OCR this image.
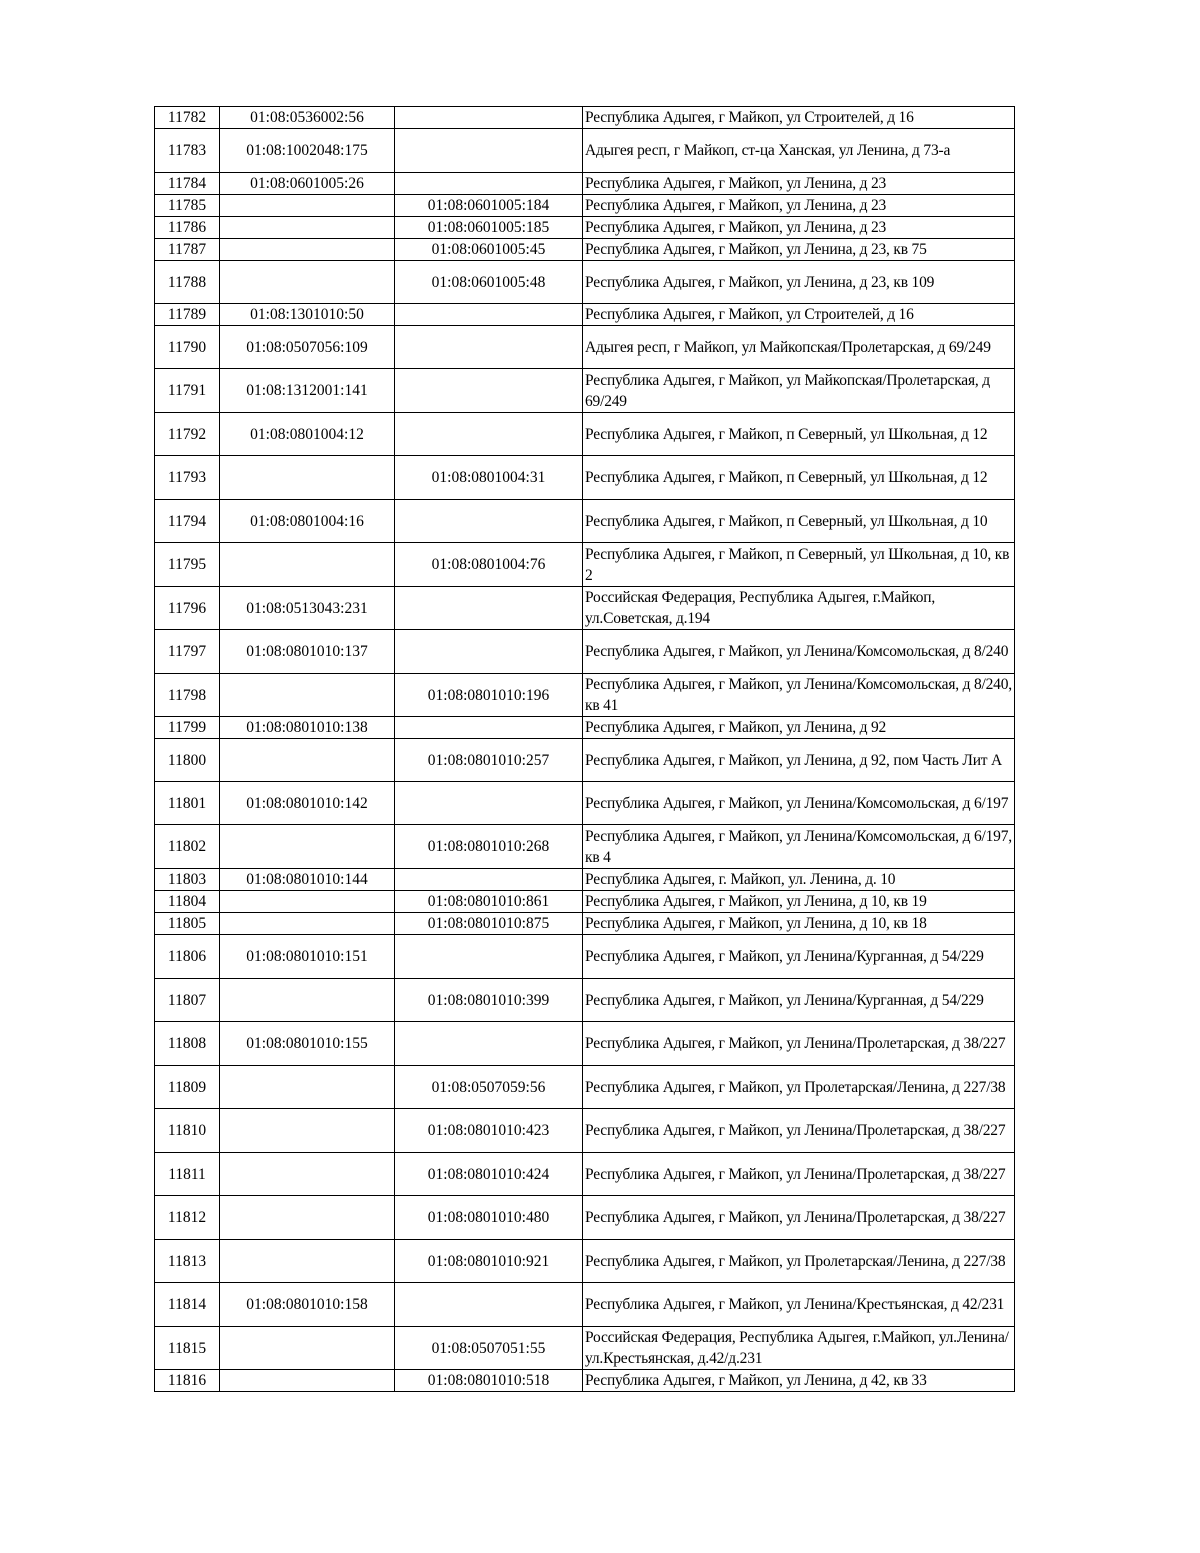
11782	01:08:0536002:56		Республика Адыгея, г Майкоп, ул Строителей, д 16
11783	01:08:1002048:175		Адыгея респ, г Майкоп, ст-ца Ханская, ул Ленина, д 73-а
11784	01:08:0601005:26		Республика Адыгея, г Майкоп, ул Ленина, д 23
11785		01:08:0601005:184	Республика Адыгея, г Майкоп, ул Ленина, д 23
11786		01:08:0601005:185	Республика Адыгея, г Майкоп, ул Ленина, д 23
11787		01:08:0601005:45	Республика Адыгея, г Майкоп, ул Ленина, д 23, кв 75
11788		01:08:0601005:48	Республика Адыгея, г Майкоп, ул Ленина, д 23, кв 109
11789	01:08:1301010:50		Республика Адыгея, г Майкоп, ул Строителей, д 16
11790	01:08:0507056:109		Адыгея респ, г Майкоп, ул Майкопская/Пролетарская, д 69/249
11791	01:08:1312001:141		Республика Адыгея, г Майкоп, ул Майкопская/Пролетарская, д 69/249
11792	01:08:0801004:12		Республика Адыгея, г Майкоп, п Северный, ул Школьная, д 12
11793		01:08:0801004:31	Республика Адыгея, г Майкоп, п Северный, ул Школьная, д 12
11794	01:08:0801004:16		Республика Адыгея, г Майкоп, п Северный, ул Школьная, д 10
11795		01:08:0801004:76	Республика Адыгея, г Майкоп, п Северный, ул Школьная, д 10, кв 2
11796	01:08:0513043:231		Российская Федерация, Республика Адыгея, г.Майкоп, ул.Советская, д.194
11797	01:08:0801010:137		Республика Адыгея, г Майкоп, ул Ленина/Комсомольская, д 8/240
11798		01:08:0801010:196	Республика Адыгея, г Майкоп, ул Ленина/Комсомольская, д 8/240, кв 41
11799	01:08:0801010:138		Республика Адыгея, г Майкоп, ул Ленина, д 92
11800		01:08:0801010:257	Республика Адыгея, г Майкоп, ул Ленина, д 92, пом Часть Лит А
11801	01:08:0801010:142		Республика Адыгея, г Майкоп, ул Ленина/Комсомольская, д 6/197
11802		01:08:0801010:268	Республика Адыгея, г Майкоп, ул Ленина/Комсомольская, д 6/197, кв 4
11803	01:08:0801010:144		Республика Адыгея, г. Майкоп, ул. Ленина, д. 10
11804		01:08:0801010:861	Республика Адыгея, г Майкоп, ул Ленина, д 10, кв 19
11805		01:08:0801010:875	Республика Адыгея, г Майкоп, ул Ленина, д 10, кв 18
11806	01:08:0801010:151		Республика Адыгея, г Майкоп, ул Ленина/Курганная, д 54/229
11807		01:08:0801010:399	Республика Адыгея, г Майкоп, ул Ленина/Курганная, д 54/229
11808	01:08:0801010:155		Республика Адыгея, г Майкоп, ул Ленина/Пролетарская, д 38/227
11809		01:08:0507059:56	Республика Адыгея, г Майкоп, ул Пролетарская/Ленина, д 227/38
11810		01:08:0801010:423	Республика Адыгея, г Майкоп, ул Ленина/Пролетарская, д 38/227
11811		01:08:0801010:424	Республика Адыгея, г Майкоп, ул Ленина/Пролетарская, д 38/227
11812		01:08:0801010:480	Республика Адыгея, г Майкоп, ул Ленина/Пролетарская, д 38/227
11813		01:08:0801010:921	Республика Адыгея, г Майкоп, ул Пролетарская/Ленина, д 227/38
11814	01:08:0801010:158		Республика Адыгея, г Майкоп, ул Ленина/Крестьянская, д 42/231
11815		01:08:0507051:55	Российская Федерация, Республика Адыгея, г.Майкоп, ул.Ленина/ул.Крестьянская, д.42/д.231
11816		01:08:0801010:518	Республика Адыгея, г Майкоп, ул Ленина, д 42, кв 33
